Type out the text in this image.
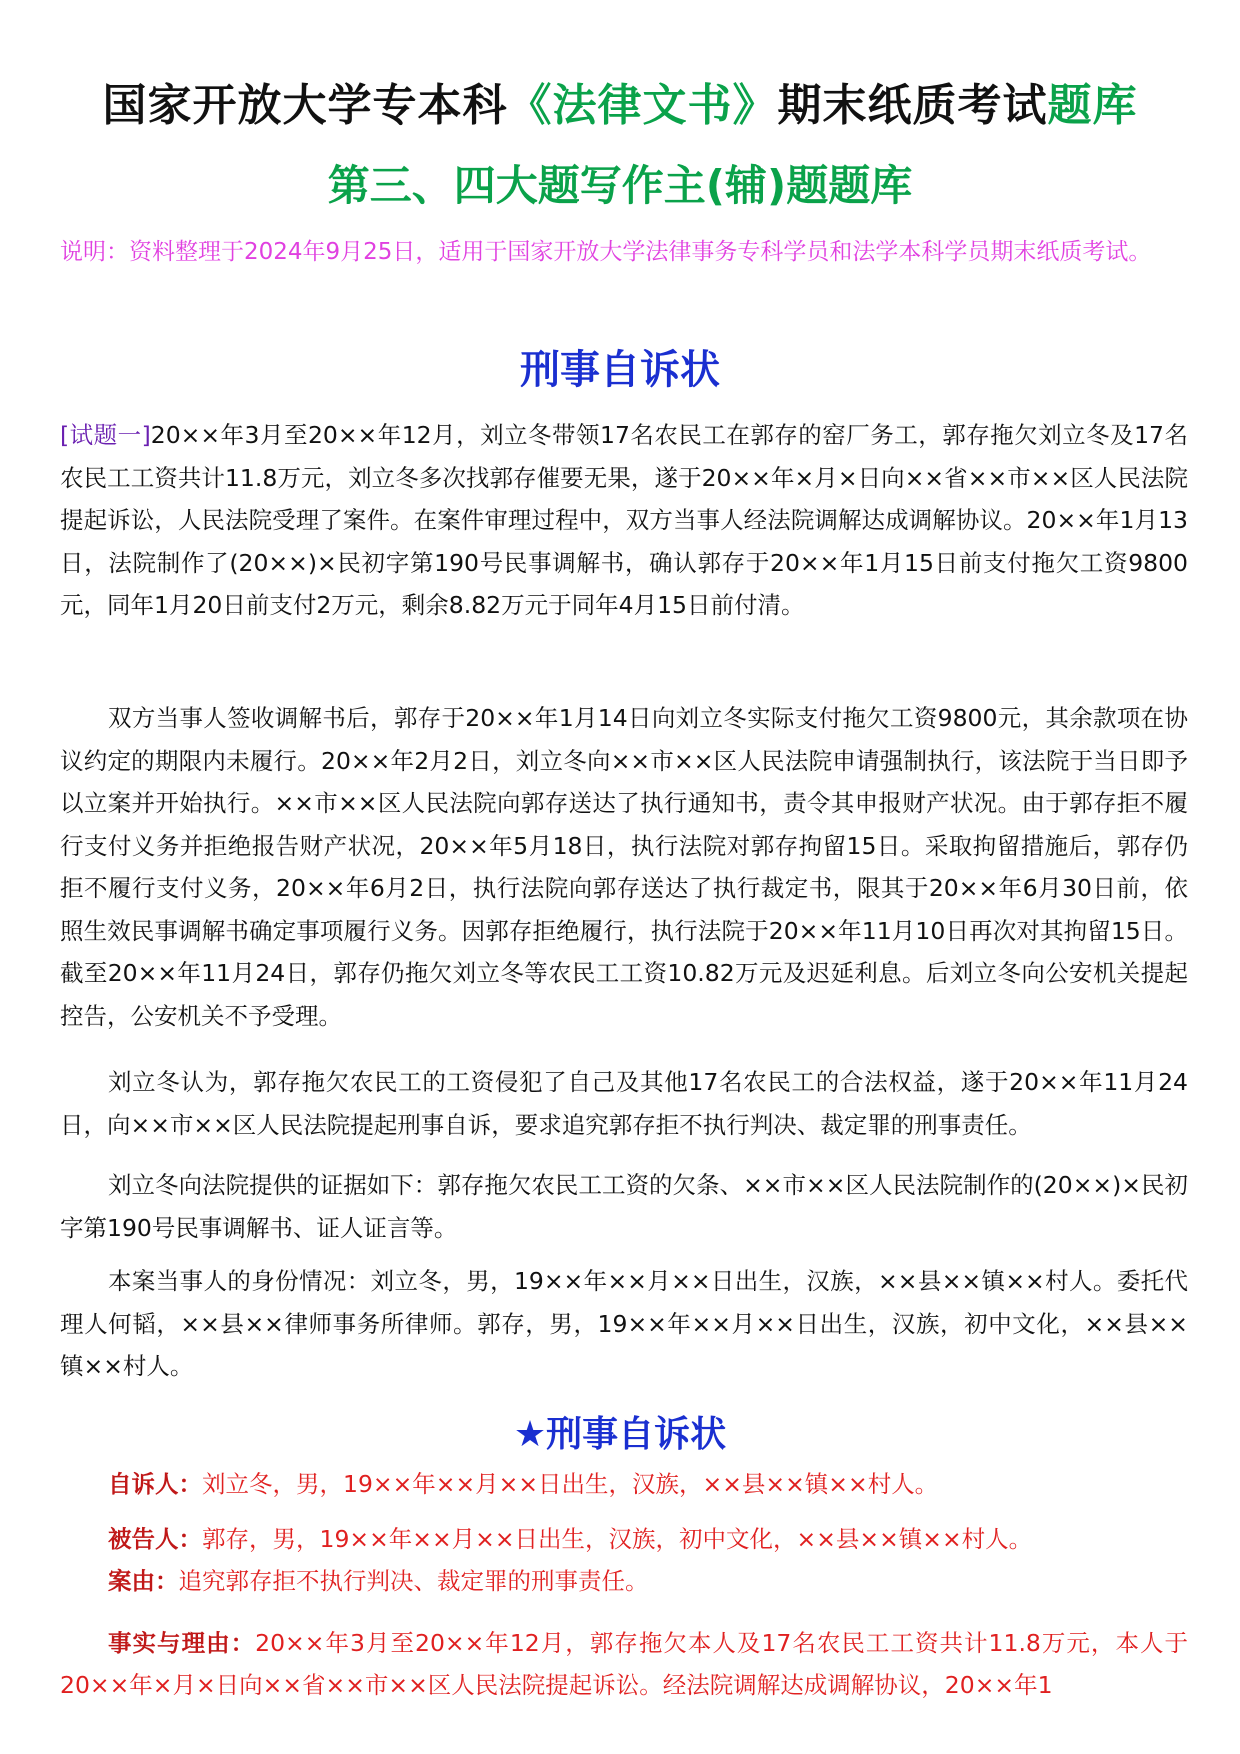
国家开放大学专本科《法律文书》期末纸质考试题库
第三、四大题写作主(辅)题题库
说明：资料整理于2024年9月25日，适用于国家开放大学法律事务专科学员和法学本科学员期末纸质考试。
刑事自诉状
[试题一]20××年3月至20××年12月，刘立冬带领17名农民工在郭存的窑厂务工，郭存拖欠刘立冬及17名农民工工资共计11.8万元，刘立冬多次找郭存催要无果，遂于20××年×月×日向××省××市××区人民法院提起诉讼，人民法院受理了案件。在案件审理过程中，双方当事人经法院调解达成调解协议。20××年1月13日，法院制作了(20××)×民初字第190号民事调解书，确认郭存于20××年1月15日前支付拖欠工资9800元，同年1月20日前支付2万元，剩余8.82万元于同年4月15日前付清。
双方当事人签收调解书后，郭存于20××年1月14日向刘立冬实际支付拖欠工资9800元，其余款项在协议约定的期限内未履行。20××年2月2日，刘立冬向××市××区人民法院申请强制执行，该法院于当日即予以立案并开始执行。××市××区人民法院向郭存送达了执行通知书，责令其申报财产状况。由于郭存拒不履行支付义务并拒绝报告财产状况，20××年5月18日，执行法院对郭存拘留15日。采取拘留措施后，郭存仍拒不履行支付义务，20××年6月2日，执行法院向郭存送达了执行裁定书，限其于20××年6月30日前，依照生效民事调解书确定事项履行义务。因郭存拒绝履行，执行法院于20××年11月10日再次对其拘留15日。截至20××年11月24日，郭存仍拖欠刘立冬等农民工工资10.82万元及迟延利息。后刘立冬向公安机关提起控告，公安机关不予受理。
刘立冬认为，郭存拖欠农民工的工资侵犯了自己及其他17名农民工的合法权益，遂于20××年11月24日，向××市××区人民法院提起刑事自诉，要求追究郭存拒不执行判决、裁定罪的刑事责任。
刘立冬向法院提供的证据如下：郭存拖欠农民工工资的欠条、××市××区人民法院制作的(20××)×民初字第190号民事调解书、证人证言等。
本案当事人的身份情况：刘立冬，男，19××年××月××日出生，汉族，××县××镇××村人。委托代理人何韬，××县××律师事务所律师。郭存，男，19××年××月××日出生，汉族，初中文化，××县××镇××村人。
★刑事自诉状
自诉人：刘立冬，男，19××年××月××日出生，汉族，××县××镇××村人。
被告人：郭存，男，19××年××月××日出生，汉族，初中文化，××县××镇××村人。
案由：追究郭存拒不执行判决、裁定罪的刑事责任。
事实与理由：20××年3月至20××年12月，郭存拖欠本人及17名农民工工资共计11.8万元，本人于20××年×月×日向××省××市××区人民法院提起诉讼。经法院调解达成调解协议，20××年1
